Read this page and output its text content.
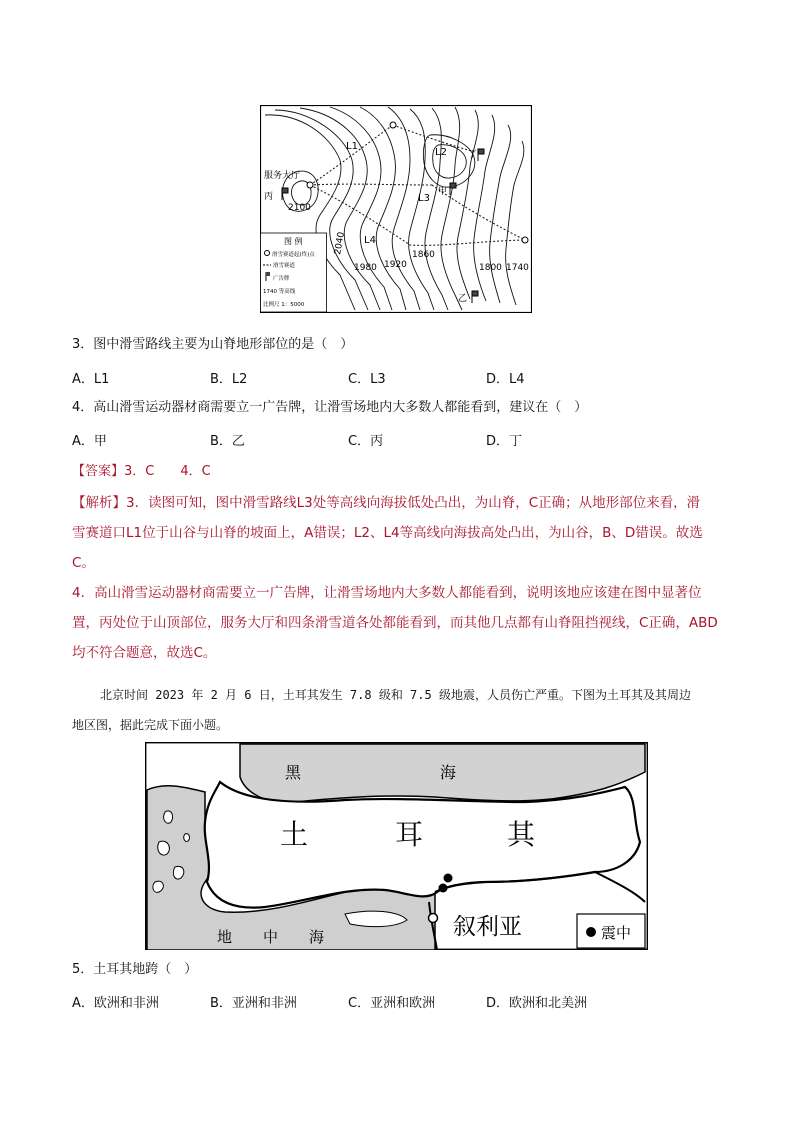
L1
L2
L3
L4
服务大厅
丙	甲
乙
丁
2100
2040
1980 1920
1860
1800 1740
图 例
滑雪赛道起(终)点
滑雪赛道
广告牌
1740 等高线
比例尺 1：5000
3．图中滑雪路线主要为山脊地形部位的是（　）
A．L1	B．L2	C．L3	D．L4
4．高山滑雪运动器材商需要立一广告牌，让滑雪场地内大多数人都能看到，建议在（　）
A．甲	B．乙	C．丙	D．丁
【答案】3．C　　4．C
【解析】3．读图可知，图中滑雪路线L3处等高线向海拔低处凸出，为山脊，C正确；从地形部位来看，滑
雪赛道口L1位于山谷与山脊的坡面上，A错误；L2、L4等高线向海拔高处凸出，为山谷，B、D错误。故选
C。
4．高山滑雪运动器材商需要立一广告牌，让滑雪场地内大多数人都能看到，说明该地应该建在图中显著位
置，丙处位于山顶部位，服务大厅和四条滑雪道各处都能看到，而其他几点都有山脊阻挡视线，C正确，ABD
均不符合题意，故选C。
北京时间 2023 年 2 月 6 日，土耳其发生 7.8 级和 7.5 级地震，人员伤亡严重。下图为土耳其及其周边
地区图，据此完成下面小题。
黑	海
土	耳	其
地 中 海	叙利亚	震中
5．土耳其地跨（　）
A．欧洲和非洲	B．亚洲和非洲	C．亚洲和欧洲	D．欧洲和北美洲
